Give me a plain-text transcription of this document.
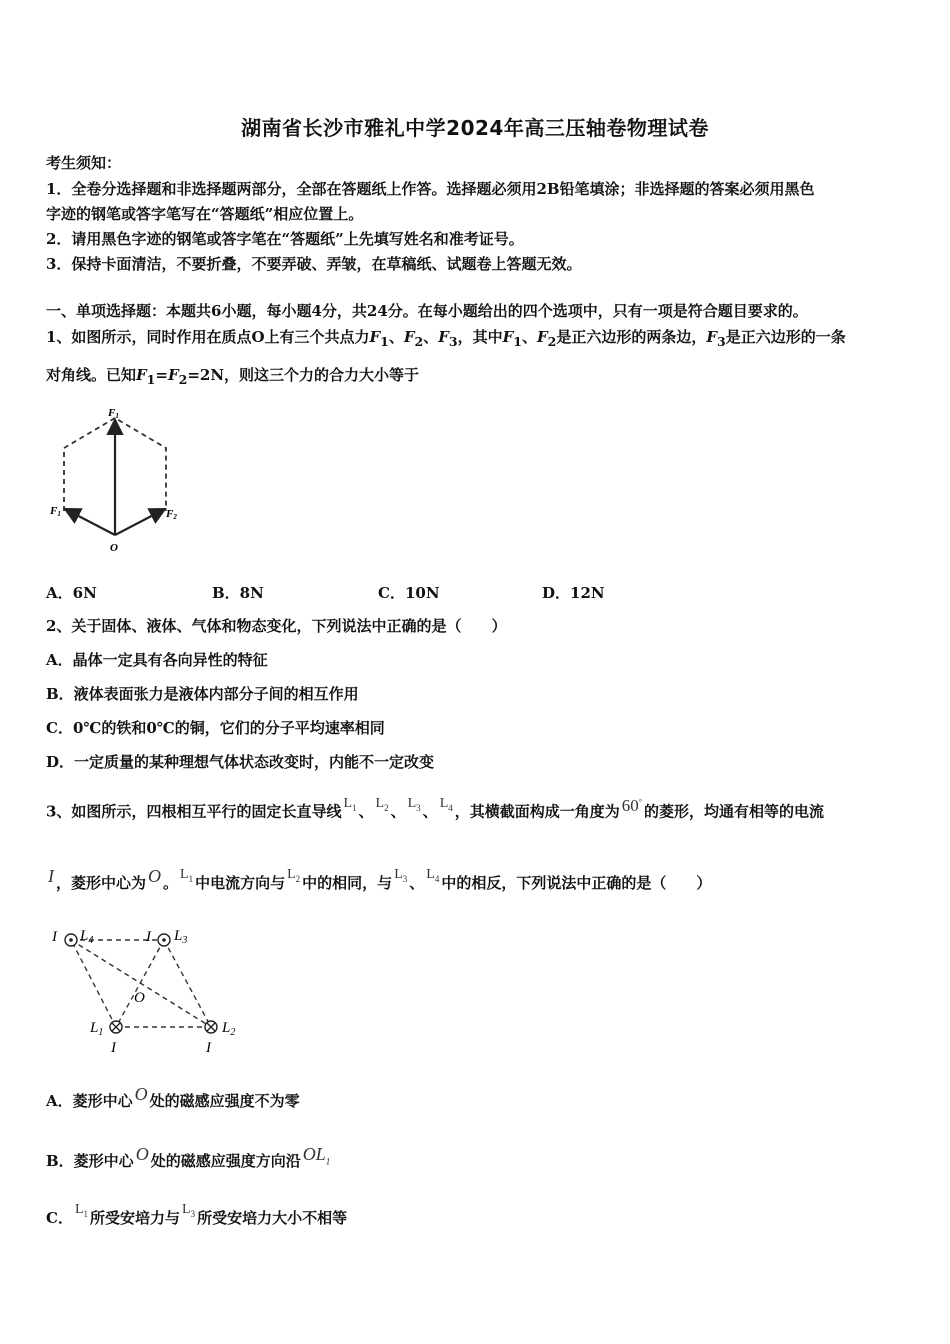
湖南省长沙市雅礼中学2024年高三压轴卷物理试卷
考生须知：
1．全卷分选择题和非选择题两部分，全部在答题纸上作答。选择题必须用2B铅笔填涂；非选择题的答案必须用黑色
字迹的钢笔或答字笔写在“答题纸”相应位置上。
2．请用黑色字迹的钢笔或答字笔在“答题纸”上先填写姓名和准考证号。
3．保持卡面清洁，不要折叠，不要弄破、弄皱，在草稿纸、试题卷上答题无效。
一、单项选择题：本题共6小题，每小题4分，共24分。在每小题给出的四个选项中，只有一项是符合题目要求的。
1、如图所示，同时作用在质点O上有三个共点力$F_1$、$F_2$、$F_3$，其中$F_1$、$F_2$是正六边形的两条边，$F_3$是正六边形的一条
对角线。已知$F_1=F_2=2N$，则这三个力的合力大小等于
F1
F1	F2
O
A．6N	B．8N	C．10N	D．12N
2、关于固体、液体、气体和物态变化，下列说法中正确的是（　　）
A．晶体一定具有各向异性的特征
B．液体表面张力是液体内部分子间的相互作用
C．0℃的铁和0℃的铜，它们的分子平均速率相同
D．一定质量的某种理想气体状态改变时，内能不一定改变
3、如图所示，四根相互平行的固定长直导线 $L_1$ 、 $L_2$ 、 $L_3$ 、 $L_4$ ，其横截面构成一角度为 60°的菱形，均通有相等的电流
I ，菱形中心为 O 。 $L_1$ 中电流方向与 $L_2$ 中的相同，与 $L_3$ 、 $L_4$ 中的相反，下列说法中正确的是（　　）
I $L_4$	I $L_3$
O
$L_1$
I
$L_2$
I
A．菱形中心 O 处的磁感应强度不为零
B．菱形中心 O 处的磁感应强度方向沿 $OL_1$
C． $L_1$ 所受安培力与 $L_3$ 所受安培力大小不相等
